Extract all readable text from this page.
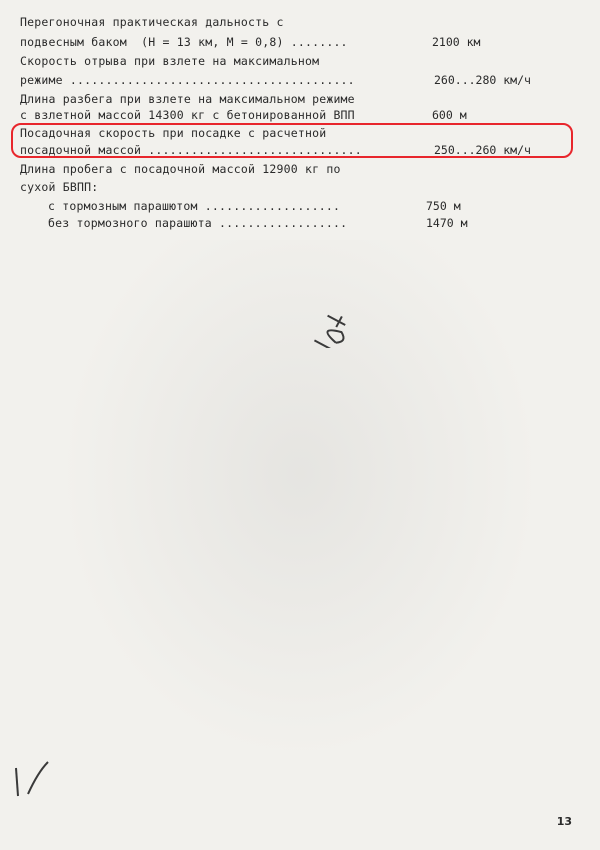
Перегоночная практическая дальность с
подвесным баком  (Н = 13 км, М = 0,8) ........	2100 км
Скорость отрыва при взлете на максимальном
режиме ........................................	260...280 км/ч
Длина разбега при взлете на максимальном режиме
с взлетной массой 14300 кг с бетонированной ВПП	600 м
Посадочная скорость при посадке с расчетной
посадочной массой ..............................	250...260 км/ч
Длина пробега с посадочной массой 12900 кг по
сухой БВПП:
с тормозным парашютом ...................	750 м
без тормозного парашюта ..................	1470 м
13
